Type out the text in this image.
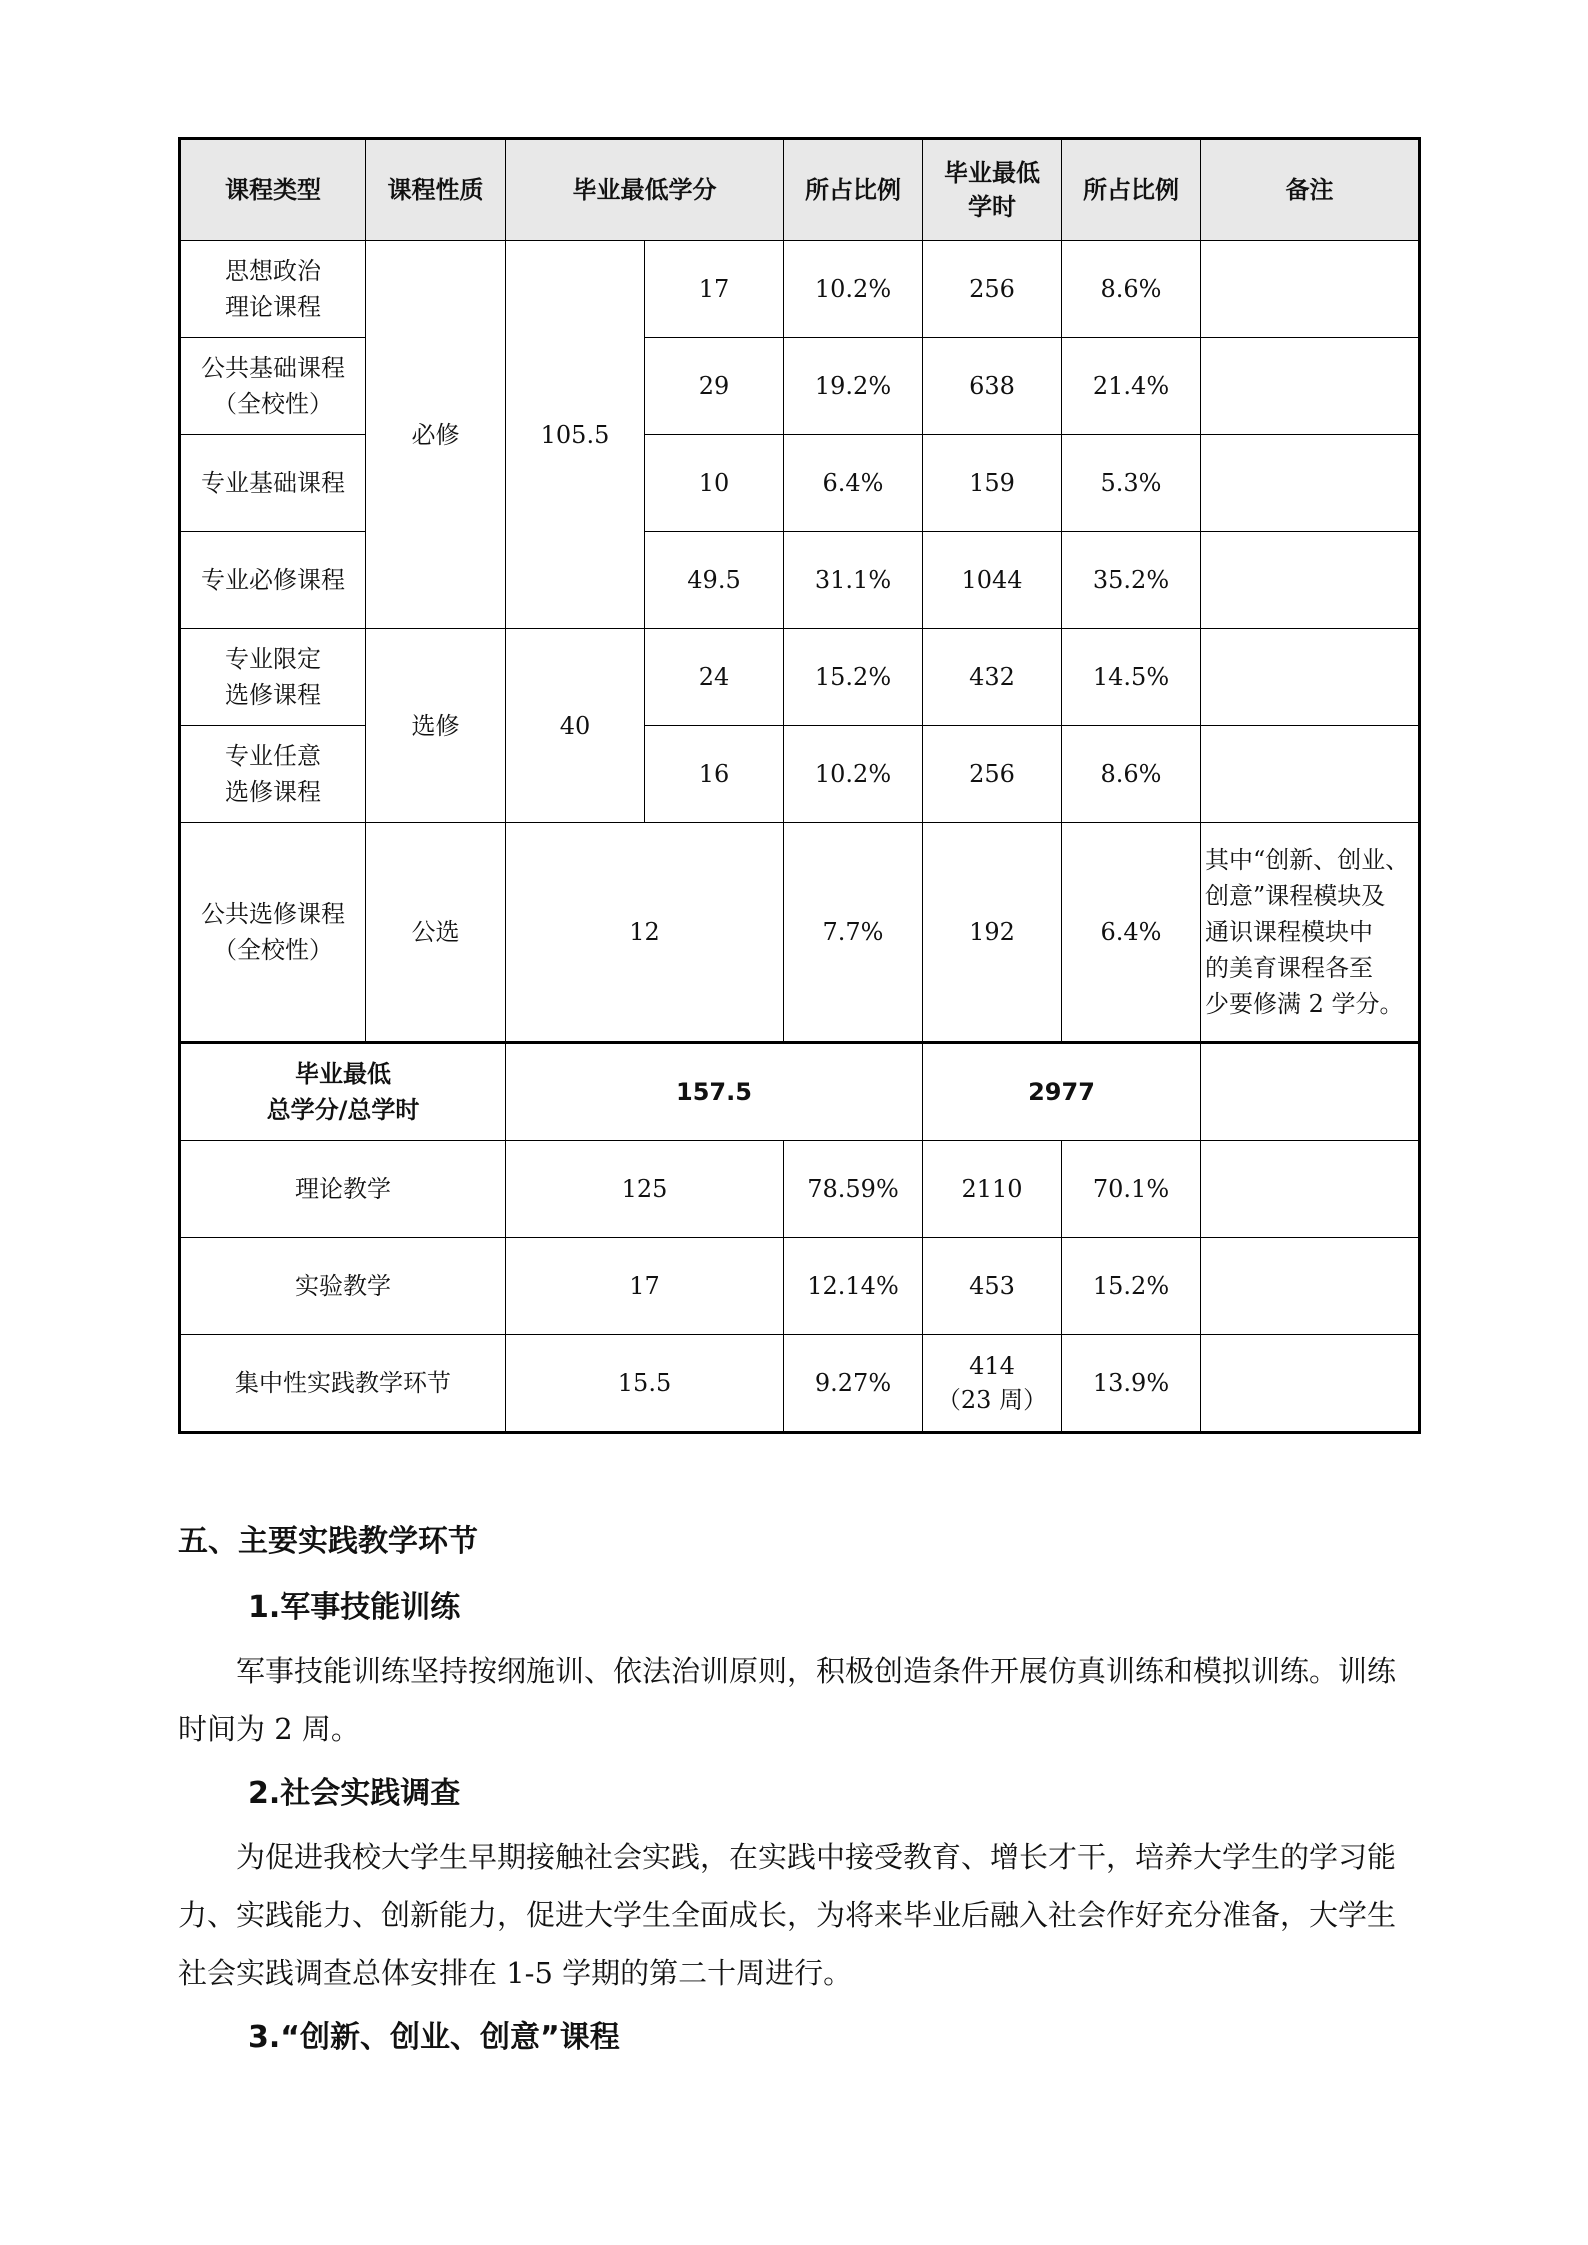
课程类型	课程性质	毕业最低学分		所占比例	毕业最低
学时	所占比例	备注
思想政治
理论课程	必修	105.5	17	10.2%	256	8.6%	
公共基础课程
（全校性）			29	19.2%	638	21.4%	
专业基础课程			10	6.4%	159	5.3%	
专业必修课程			49.5	31.1%	1044	35.2%	
专业限定
选修课程	选修	40	24	15.2%	432	14.5%	
专业任意
选修课程			16	10.2%	256	8.6%	
公共选修课程
（全校性）	公选	12		7.7%	192	6.4%	其中“创新、创业、
创意”课程模块及
通识课程模块中
的美育课程各至
少要修满 2 学分。
毕业最低
总学分/总学时		157.5			2977		
理论教学		125		78.59%	2110	70.1%	
实验教学		17		12.14%	453	15.2%	
集中性实践教学环节		15.5		9.27%	414
（23 周）	13.9%	
五、主要实践教学环节
1.军事技能训练
军事技能训练坚持按纲施训、依法治训原则，积极创造条件开展仿真训练和模拟训练。训练时间为 2 周。
2.社会实践调查
为促进我校大学生早期接触社会实践，在实践中接受教育、增长才干，培养大学生的学习能力、实践能力、创新能力，促进大学生全面成长，为将来毕业后融入社会作好充分准备，大学生社会实践调查总体安排在 1-5 学期的第二十周进行。
3.“创新、创业、创意”课程
